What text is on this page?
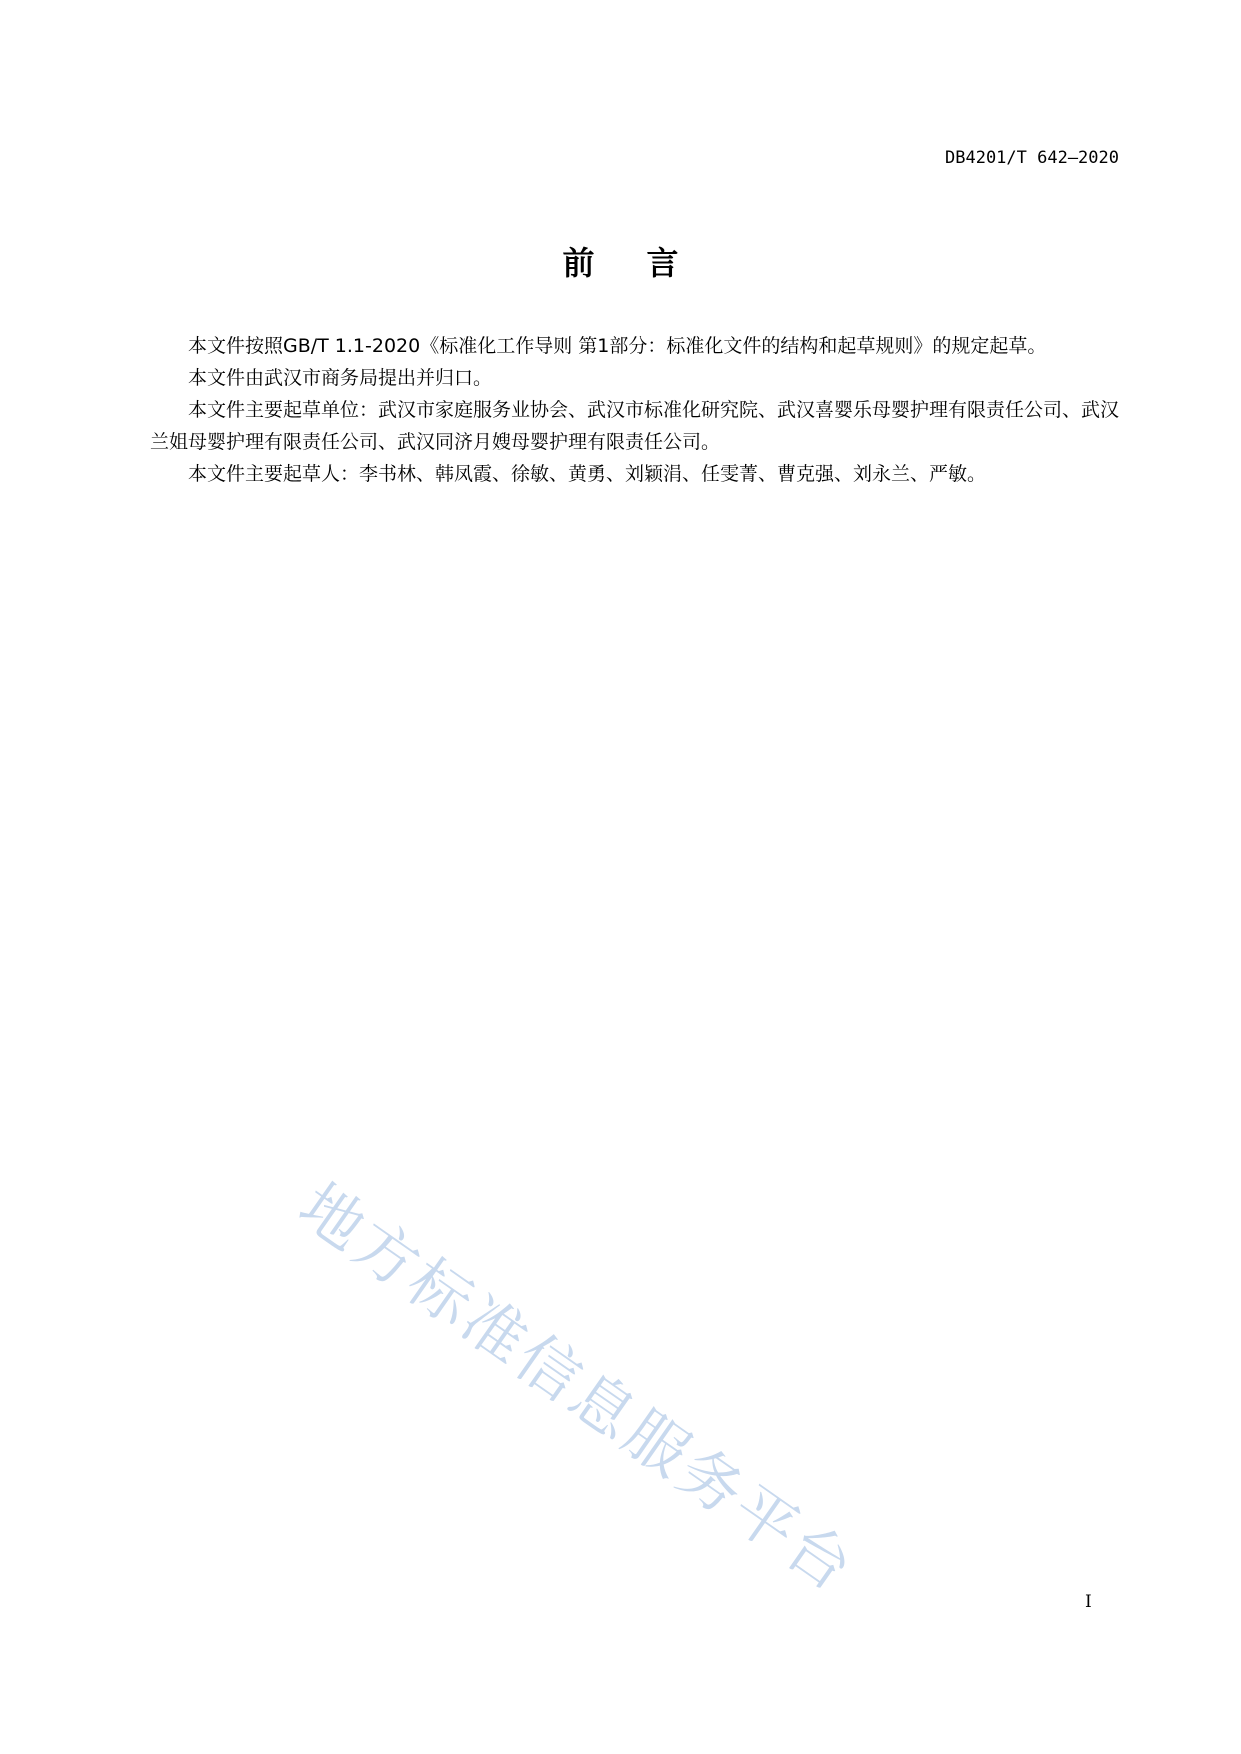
DB4201/T 642—2020
前言

本文件按照GB/T 1.1-2020《标准化工作导则 第1部分：标准化文件的结构和起草规则》的规定起草。

本文件由武汉市商务局提出并归口。

本文件主要起草单位：武汉市家庭服务业协会、武汉市标准化研究院、武汉喜婴乐母婴护理有限责任公司、武汉兰姐母婴护理有限责任公司、武汉同济月嫂母婴护理有限责任公司。

本文件主要起草人：李书林、韩凤霞、徐敏、黄勇、刘颖涓、任雯菁、曹克强、刘永兰、严敏。

地方标准信息服务平台	I
